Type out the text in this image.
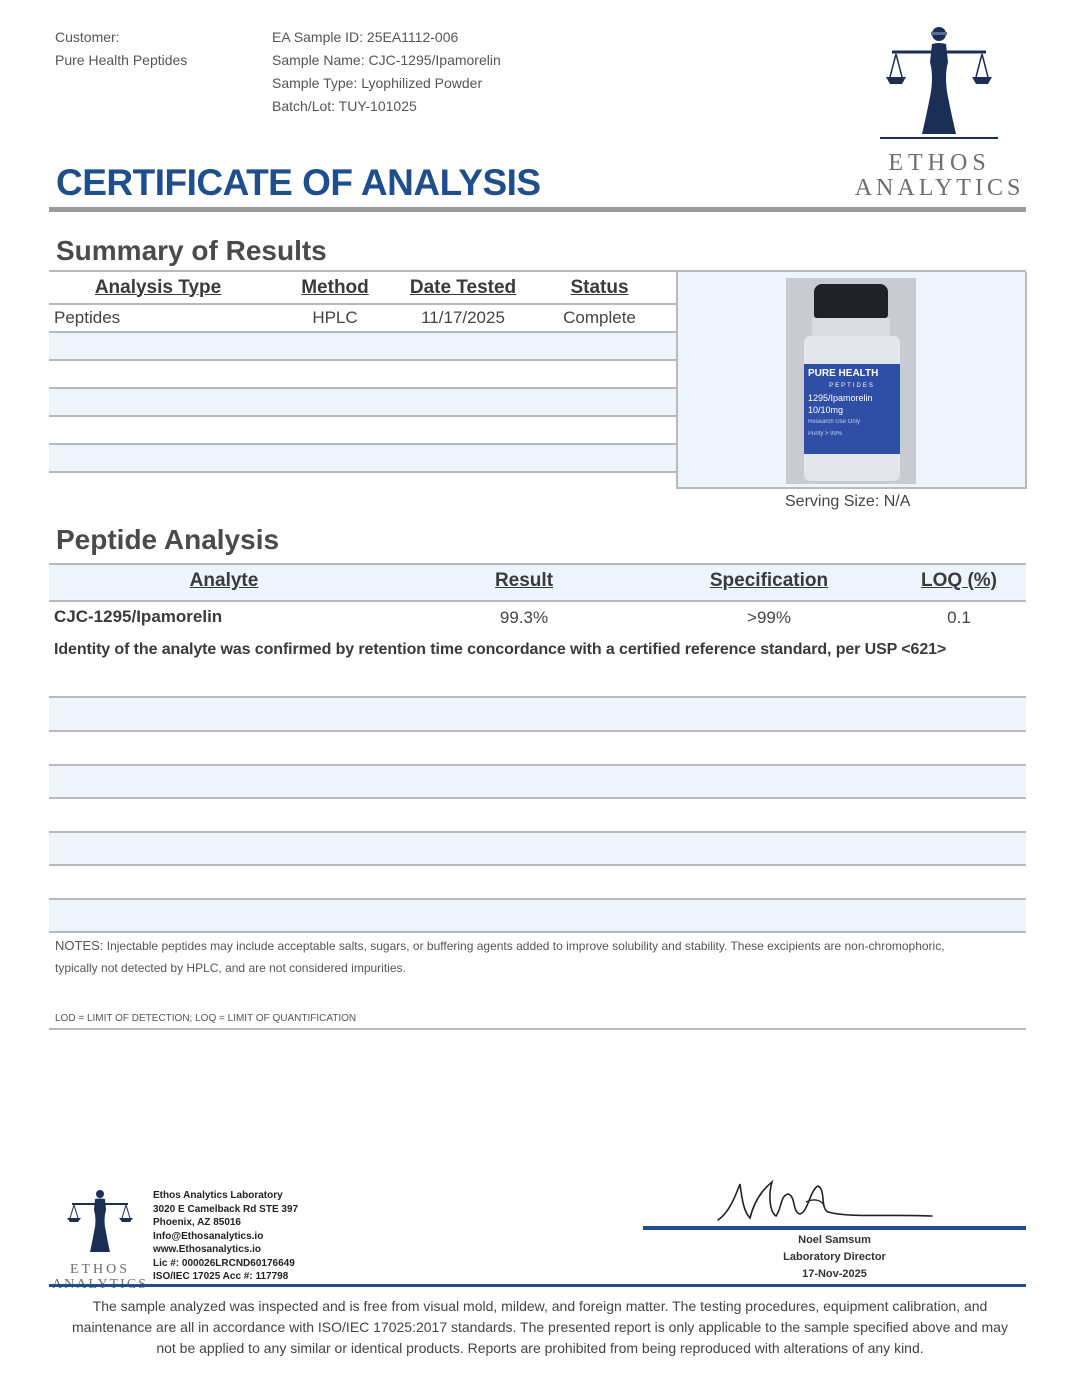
Customer:
Pure Health Peptides
EA Sample ID: 25EA1112-006
Sample Name: CJC-1295/Ipamorelin
Sample Type: Lyophilized Powder
Batch/Lot: TUY-101025
ETHOS
ANALYTICS
CERTIFICATE OF ANALYSIS
Summary of Results
Analysis Type	Method	Date Tested	Status
Peptides	HPLC	11/17/2025	Complete

PURE HEALTH
PEPTIDES
1295/Ipamorelin
10/10mg
Research Use Only
Purity > 99%
Serving Size: N/A
Peptide Analysis
Analyte	Result	Specification	LOQ (%)
CJC-1295/Ipamorelin	99.3%	>99%	0.1
Identity of the analyte was confirmed by retention time concordance with a certified reference standard, per USP <621>
NOTES: Injectable peptides may include acceptable salts, sugars, or buffering agents added to improve solubility and stability. These excipients are non-chromophoric,
typically not detected by HPLC, and are not considered impurities.
LOD = LIMIT OF DETECTION; LOQ = LIMIT OF QUANTIFICATION
ETHOS
Ethos Analytics Laboratory
3020 E Camelback Rd STE 397
Phoenix, AZ 85016
Info@Ethosanalytics.io
www.Ethosanalytics.io
Lic #: 000026LRCND60176649
ISO/IEC 17025 Acc #: 117798
Noel Samsum
Laboratory Director
17-Nov-2025
The sample analyzed was inspected and is free from visual mold, mildew, and foreign matter. The testing procedures, equipment calibration, and
maintenance are all in accordance with ISO/IEC 17025:2017 standards. The presented report is only applicable to the sample specified above and may
not be applied to any similar or identical products. Reports are prohibited from being reproduced with alterations of any kind.
